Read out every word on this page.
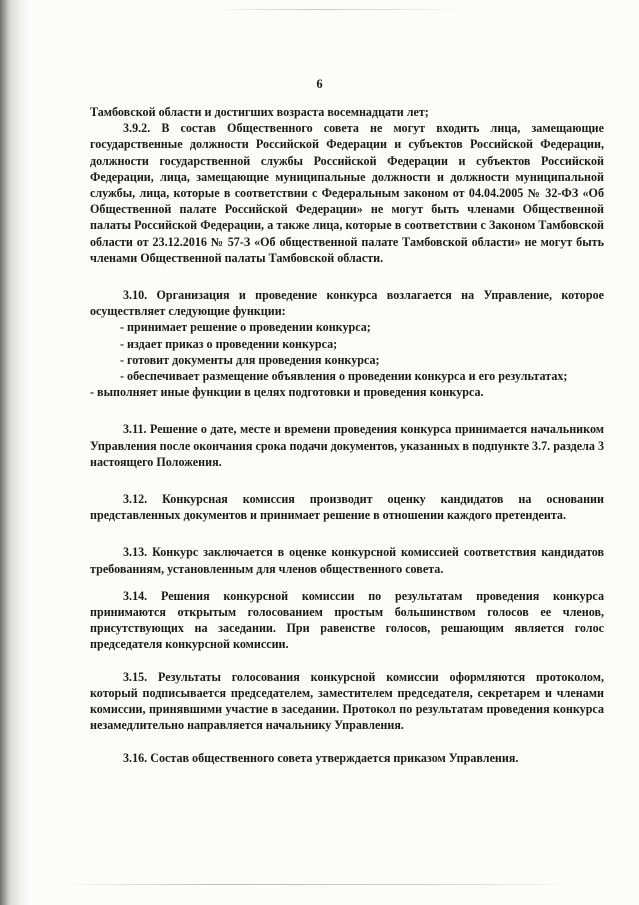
6

Тамбовской области и достигших возраста восемнадцати лет;

3.9.2. В состав Общественного совета не могут входить лица, замещающие государственные должности Российской Федерации и субъектов Российской Федерации, должности государственной службы Российской Федерации и субъектов Российской Федерации, лица, замещающие муниципальные должности и должности муниципальной службы, лица, которые в соответствии с Федеральным законом от 04.04.2005 № 32-ФЗ «Об Общественной палате Российской Федерации» не могут быть членами Общественной палаты Российской Федерации, а также лица, которые в соответствии с Законом Тамбовской области от 23.12.2016 № 57-З «Об общественной палате Тамбовской области» не могут быть членами Общественной палаты Тамбовской области.

3.10. Организация и проведение конкурса возлагается на Управление, которое осуществляет следующие функции:

- принимает решение о проведении конкурса;

- издает приказ о проведении конкурса;

- готовит документы для проведения конкурса;

- обеспечивает размещение объявления о проведении конкурса и его результатах;

- выполняет иные функции в целях подготовки и проведения конкурса.

3.11. Решение о дате, месте и времени проведения конкурса принимается начальником Управления после окончания срока подачи документов, указанных в подпункте 3.7. раздела 3 настоящего Положения.

3.12. Конкурсная комиссия производит оценку кандидатов на основании представленных документов и принимает решение в отношении каждого претендента.

3.13. Конкурс заключается в оценке конкурсной комиссией соответствия кандидатов требованиям, установленным для членов общественного совета.

3.14. Решения конкурсной комиссии по результатам проведения конкурса принимаются открытым голосованием простым большинством голосов ее членов, присутствующих на заседании. При равенстве голосов, решающим является голос председателя конкурсной комиссии.

3.15. Результаты голосования конкурсной комиссии оформляются протоколом, который подписывается председателем, заместителем председателя, секретарем и членами комиссии, принявшими участие в заседании. Протокол по результатам проведения конкурса незамедлительно направляется начальнику Управления.

3.16. Состав общественного совета утверждается приказом Управления.
